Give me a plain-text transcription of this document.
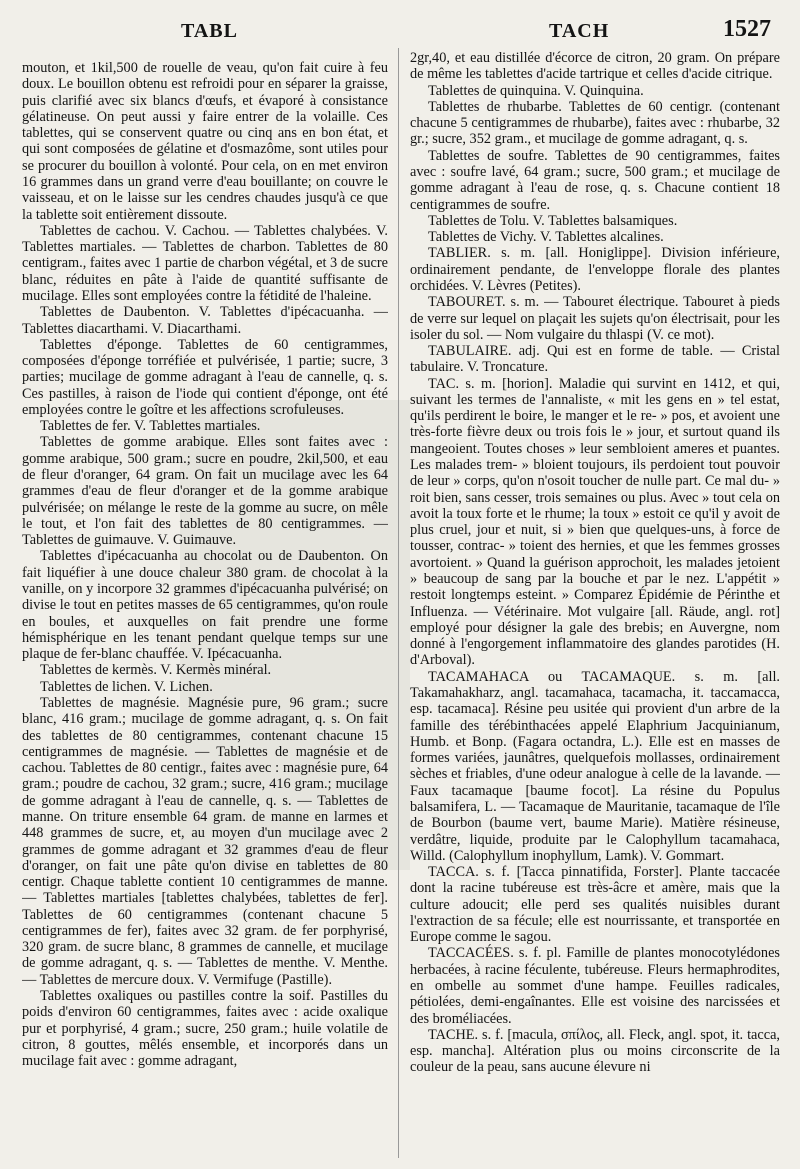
TABL	TACH	1527

mouton, et 1kil,500 de rouelle de veau, qu'on fait cuire à feu doux. Le bouillon obtenu est refroidi pour en séparer la graisse, puis clarifié avec six blancs d'œufs, et évaporé à consistance gélatineuse. On peut aussi y faire entrer de la volaille. Ces tablettes, qui se conservent quatre ou cinq ans en bon état, et qui sont composées de gélatine et d'osmazôme, sont utiles pour se procurer du bouillon à volonté. Pour cela, on en met environ 16 grammes dans un grand verre d'eau bouillante; on couvre le vaisseau, et on le laisse sur les cendres chaudes jusqu'à ce que la tablette soit entièrement dissoute.

Tablettes de cachou. V. Cachou. — Tablettes chalybées. V. Tablettes martiales. — Tablettes de charbon. Tablettes de 80 centigram., faites avec 1 partie de charbon végétal, et 3 de sucre blanc, réduites en pâte à l'aide de quantité suffisante de mucilage. Elles sont employées contre la fétidité de l'haleine.

Tablettes de Daubenton. V. Tablettes d'ipécacuanha. — Tablettes diacarthami. V. Diacarthami.

Tablettes d'éponge. Tablettes de 60 centigrammes, composées d'éponge torréfiée et pulvérisée, 1 partie; sucre, 3 parties; mucilage de gomme adragant à l'eau de cannelle, q. s. Ces pastilles, à raison de l'iode qui contient d'éponge, ont été employées contre le goître et les affections scrofuleuses.

Tablettes de fer. V. Tablettes martiales.

Tablettes de gomme arabique. Elles sont faites avec : gomme arabique, 500 gram.; sucre en poudre, 2kil,500, et eau de fleur d'oranger, 64 gram. On fait un mucilage avec les 64 grammes d'eau de fleur d'oranger et de la gomme arabique pulvérisée; on mélange le reste de la gomme au sucre, on mêle le tout, et l'on fait des tablettes de 80 centigrammes. — Tablettes de guimauve. V. Guimauve.

Tablettes d'ipécacuanha au chocolat ou de Daubenton. On fait liquéfier à une douce chaleur 380 gram. de chocolat à la vanille, on y incorpore 32 grammes d'ipécacuanha pulvérisé; on divise le tout en petites masses de 65 centigrammes, qu'on roule en boules, et auxquelles on fait prendre une forme hémisphérique en les tenant pendant quelque temps sur une plaque de fer-blanc chauffée. V. Ipécacuanha.

Tablettes de kermès. V. Kermès minéral.

Tablettes de lichen. V. Lichen.

Tablettes de magnésie. Magnésie pure, 96 gram.; sucre blanc, 416 gram.; mucilage de gomme adragant, q. s. On fait des tablettes de 80 centigrammes, contenant chacune 15 centigrammes de magnésie. — Tablettes de magnésie et de cachou. Tablettes de 80 centigr., faites avec : magnésie pure, 64 gram.; poudre de cachou, 32 gram.; sucre, 416 gram.; mucilage de gomme adragant à l'eau de cannelle, q. s. — Tablettes de manne. On triture ensemble 64 gram. de manne en larmes et 448 grammes de sucre, et, au moyen d'un mucilage avec 2 grammes de gomme adragant et 32 grammes d'eau de fleur d'oranger, on fait une pâte qu'on divise en tablettes de 80 centigr. Chaque tablette contient 10 centigrammes de manne. — Tablettes martiales [tablettes chalybées, tablettes de fer]. Tablettes de 60 centigrammes (contenant chacune 5 centigrammes de fer), faites avec 32 gram. de fer porphyrisé, 320 gram. de sucre blanc, 8 grammes de cannelle, et mucilage de gomme adragant, q. s. — Tablettes de menthe. V. Menthe. — Tablettes de mercure doux. V. Vermifuge (Pastille).

Tablettes oxaliques ou pastilles contre la soif. Pastilles du poids d'environ 60 centigrammes, faites avec : acide oxalique pur et porphyrisé, 4 gram.; sucre, 250 gram.; huile volatile de citron, 8 gouttes, mêlés ensemble, et incorporés dans un mucilage fait avec : gomme adragant,

2gr,40, et eau distillée d'écorce de citron, 20 gram. On prépare de même les tablettes d'acide tartrique et celles d'acide citrique.

Tablettes de quinquina. V. Quinquina.

Tablettes de rhubarbe. Tablettes de 60 centigr. (contenant chacune 5 centigrammes de rhubarbe), faites avec : rhubarbe, 32 gr.; sucre, 352 gram., et mucilage de gomme adragant, q. s.

Tablettes de soufre. Tablettes de 90 centigrammes, faites avec : soufre lavé, 64 gram.; sucre, 500 gram.; et mucilage de gomme adragant à l'eau de rose, q. s. Chacune contient 18 centigrammes de soufre.

Tablettes de Tolu. V. Tablettes balsamiques.

Tablettes de Vichy. V. Tablettes alcalines.

TABLIER. s. m. [all. Honiglippe]. Division inférieure, ordinairement pendante, de l'enveloppe florale des plantes orchidées. V. Lèvres (Petites).

TABOURET. s. m. — Tabouret électrique. Tabouret à pieds de verre sur lequel on plaçait les sujets qu'on électrisait, pour les isoler du sol. — Nom vulgaire du thlaspi (V. ce mot).

TABULAIRE. adj. Qui est en forme de table. — Cristal tabulaire. V. Troncature.

TAC. s. m. [horion]. Maladie qui survint en 1412, et qui, suivant les termes de l'annaliste, « mit les gens en » tel estat, qu'ils perdirent le boire, le manger et le re- » pos, et avoient une très-forte fièvre deux ou trois fois le » jour, et surtout quand ils mangeoient. Toutes choses » leur sembloient ameres et puantes. Les malades trem- » bloient toujours, ils perdoient tout pouvoir de leur » corps, qu'on n'osoit toucher de nulle part. Ce mal du- » roit bien, sans cesser, trois semaines ou plus. Avec » tout cela on avoit la toux forte et le rhume; la toux » estoit ce qu'il y avoit de plus cruel, jour et nuit, si » bien que quelques-uns, à force de tousser, contrac- » toient des hernies, et que les femmes grosses avortoient. » Quand la guérison approchoit, les malades jetoient » beaucoup de sang par la bouche et par le nez. L'appétit » restoit longtemps esteint. » Comparez Épidémie de Périnthe et Influenza. — Vétérinaire. Mot vulgaire [all. Räude, angl. rot] employé pour désigner la gale des brebis; en Auvergne, nom donné à l'engorgement inflammatoire des glandes parotides (H. d'Arboval).

TACAMAHACA ou TACAMAQUE. s. m. [all. Takamahakharz, angl. tacamahaca, tacamacha, it. taccamacca, esp. tacamaca]. Résine peu usitée qui provient d'un arbre de la famille des térébinthacées appelé Elaphrium Jacquinianum, Humb. et Bonp. (Fagara octandra, L.). Elle est en masses de formes variées, jaunâtres, quelquefois mollasses, ordinairement sèches et friables, d'une odeur analogue à celle de la lavande. — Faux tacamaque [baume focot]. La résine du Populus balsamifera, L. — Tacamaque de Mauritanie, tacamaque de l'île de Bourbon (baume vert, baume Marie). Matière résineuse, verdâtre, liquide, produite par le Calophyllum tacamahaca, Willd. (Calophyllum inophyllum, Lamk). V. Gommart.

TACCA. s. f. [Tacca pinnatifida, Forster]. Plante taccacée dont la racine tubéreuse est très-âcre et amère, mais que la culture adoucit; elle perd ses qualités nuisibles durant l'extraction de sa fécule; elle est nourrissante, et transportée en Europe comme le sagou.

TACCACÉES. s. f. pl. Famille de plantes monocotylédones herbacées, à racine féculente, tubéreuse. Fleurs hermaphrodites, en ombelle au sommet d'une hampe. Feuilles radicales, pétiolées, demi-engaînantes. Elle est voisine des narcissées et des broméliacées.

TACHE. s. f. [macula, σπίλος, all. Fleck, angl. spot, it. tacca, esp. mancha]. Altération plus ou moins circonscrite de la couleur de la peau, sans aucune élevure ni
